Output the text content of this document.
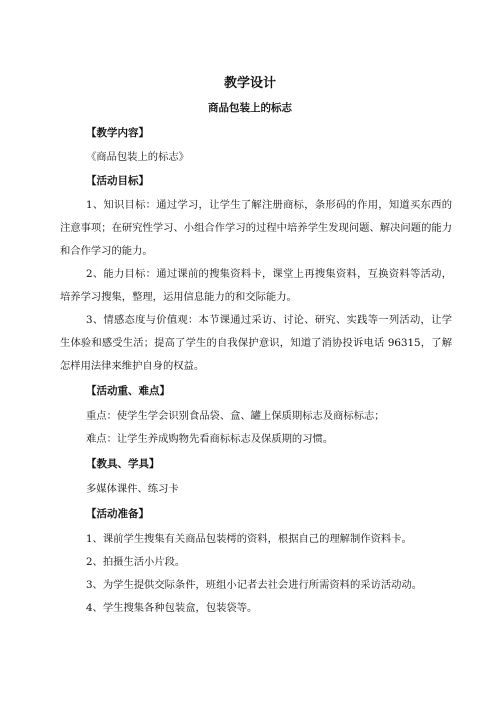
教学设计
商品包装上的标志
【教学内容】

《商品包装上的标志》

【活动目标】

1、知识目标：通过学习，让学生了解注册商标，条形码的作用，知道买东西的注意事项；在研究性学习、小组合作学习的过程中培养学生发现问题、解决问题的能力和合作学习的能力。

2、能力目标：通过课前的搜集资料卡，课堂上再搜集资料，互换资料等活动，培养学习搜集，整理，运用信息能力的和交际能力。

3、情感态度与价值观：本节课通过采访、讨论、研究、实践等一列活动，让学生体验和感受生活；提高了学生的自我保护意识，知道了消协投诉电话 96315，了解怎样用法律来维护自身的权益。

【活动重、难点】

重点：使学生学会识别食品袋、盒、罐上保质期标志及商标标志；

难点：让学生养成购物先看商标标志及保质期的习惯。

【教具、学具】

多媒体课件、练习卡

【活动准备】

1、课前学生搜集有关商品包装樗的资料，根据自己的理解制作资料卡。

2、拍摄生活小片段。

3、为学生提供交际条件，班组小记者去社会进行所需资料的采访活动动。

4、学生搜集各种包装盒，包装袋等。
